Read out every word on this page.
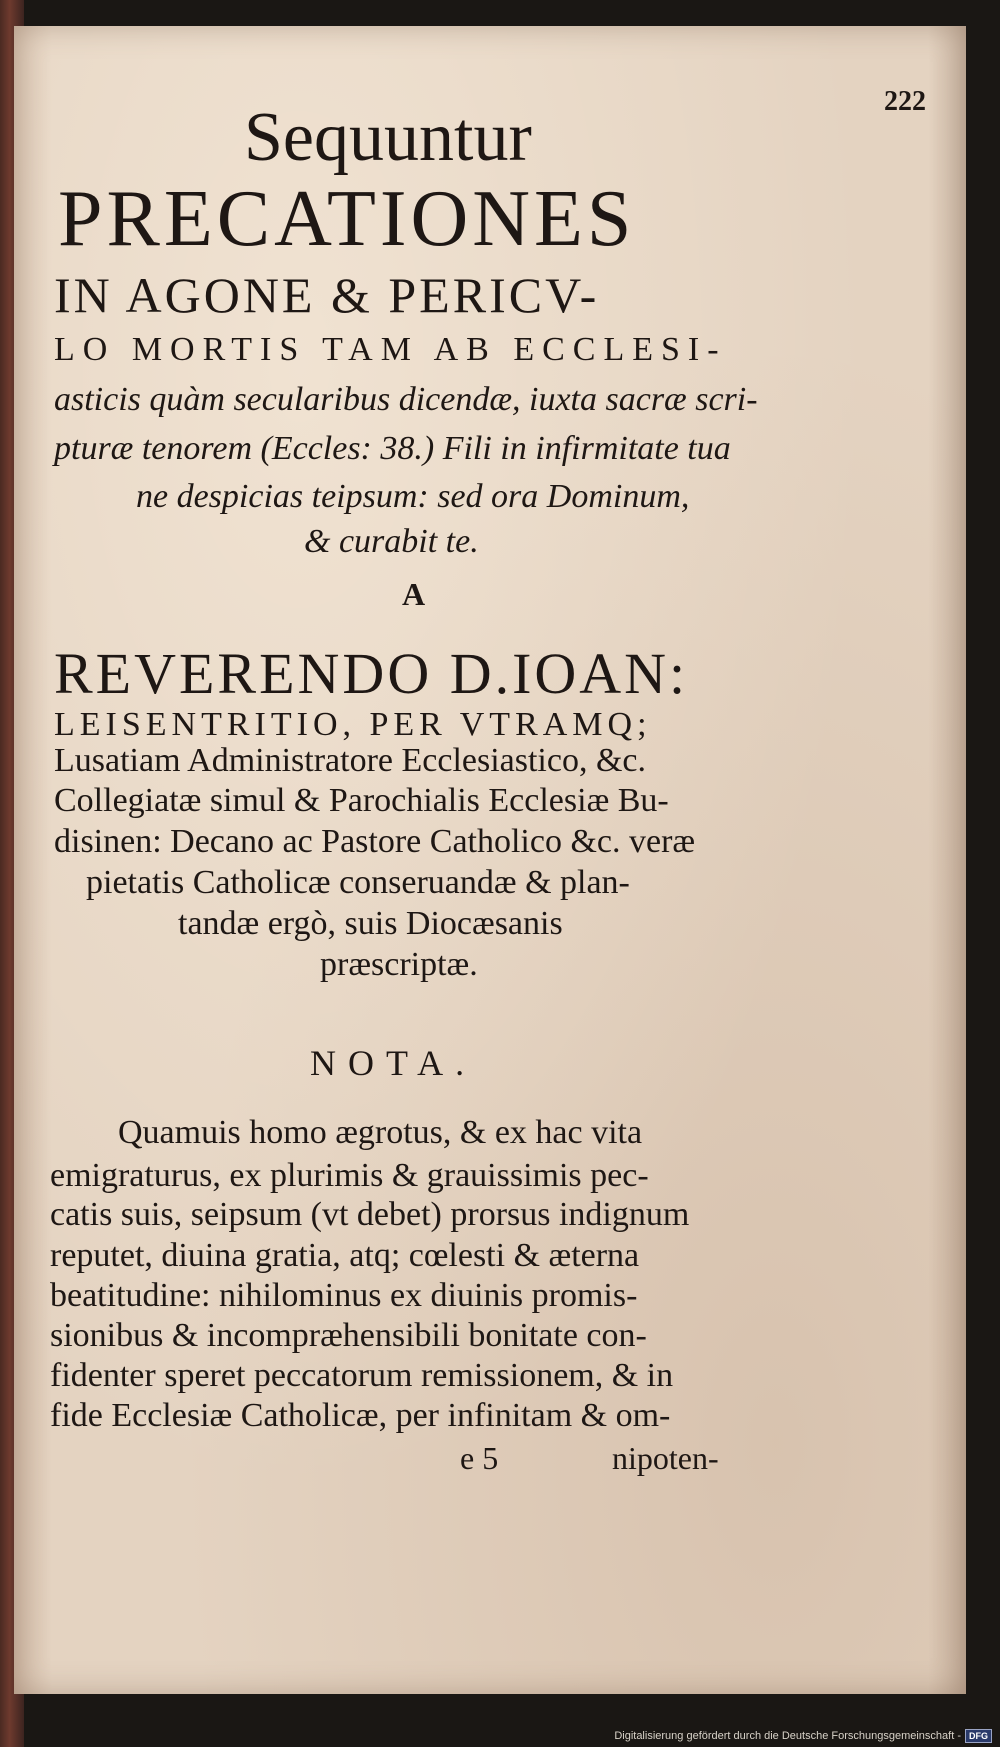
222
Sequuntur
PRECATIONES
IN AGONE & PERICV-
LO MORTIS TAM AB ECCLESI-
asticis quàm secularibus dicendæ, iuxta sacræ scri-
pturæ tenorem (Eccles: 38.) Fili in infirmitate tua
ne despicias teipsum: sed ora Dominum,
& curabit te.
A
REVERENDO D.IOAN:
LEISENTRITIO, PER VTRAMQ;
Lusatiam Administratore Ecclesiastico, &c.
Collegiatæ simul & Parochialis Ecclesiæ Bu-
disinen: Decano ac Pastore Catholico &c. veræ
pietatis Catholicæ conseruandæ & plan-
tandæ ergò, suis Diocæsanis
præscriptæ.
NOTA.
Quamuis homo ægrotus, & ex hac vita
emigraturus, ex plurimis & grauissimis pec-
catis suis, seipsum (vt debet) prorsus indignum
reputet, diuina gratia, atq; cœlesti & æterna
beatitudine: nihilominus ex diuinis promis-
sionibus & incompræhensibili bonitate con-
fidenter speret peccatorum remissionem, & in
fide Ecclesiæ Catholicæ, per infinitam & om-
e 5	nipoten-
Digitalisierung gefördert durch die Deutsche Forschungsgemeinschaft - DFG
